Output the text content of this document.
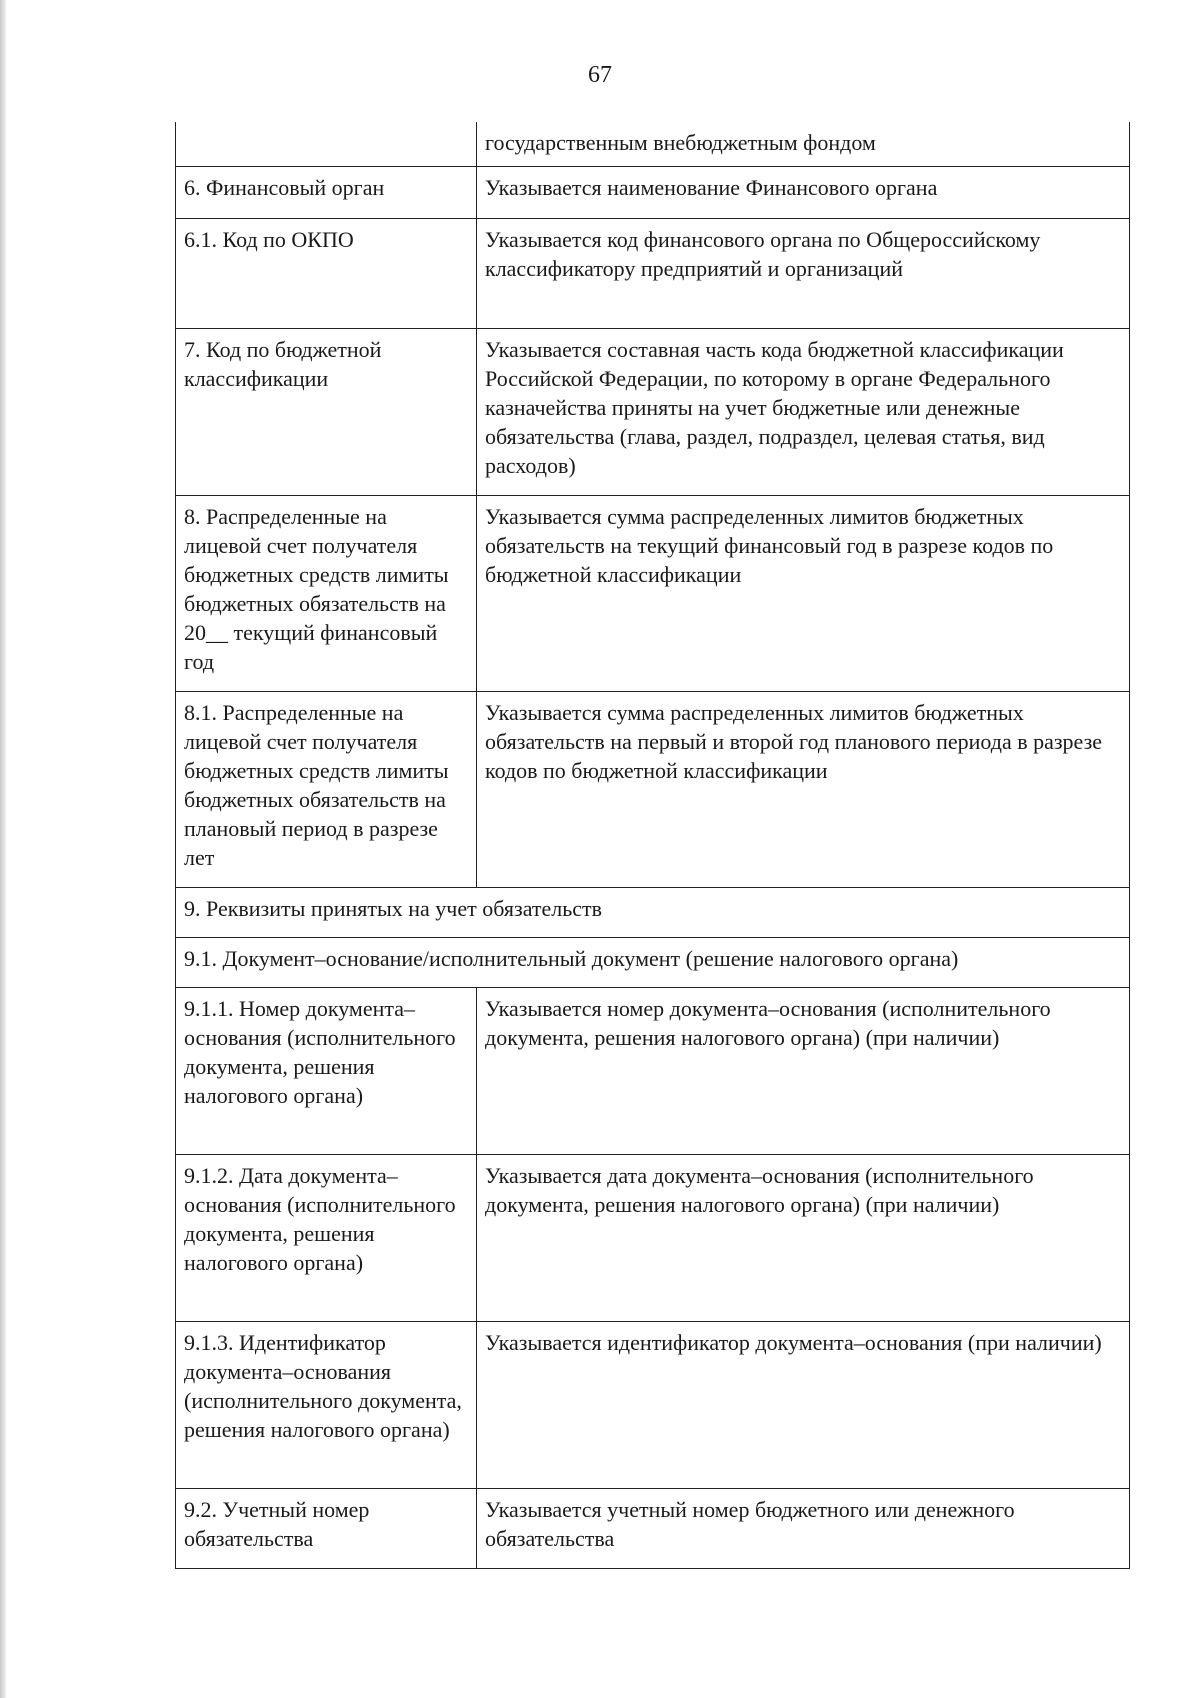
67
	государственным внебюджетным фондом
6. Финансовый орган	Указывается наименование Финансового органа
6.1. Код по ОКПО	Указывается код финансового органа по Общероссийскому классификатору предприятий и организаций
7. Код по бюджетной классификации	Указывается составная часть кода бюджетной классификации Российской Федерации, по которому в органе Федерального казначейства приняты на учет бюджетные или денежные обязательства (глава, раздел, подраздел, целевая статья, вид расходов)
8. Распределенные на лицевой счет получателя бюджетных средств лимиты бюджетных обязательств на 20__ текущий финансовый год	Указывается сумма распределенных лимитов бюджетных обязательств на текущий финансовый год в разрезе кодов по бюджетной классификации
8.1. Распределенные на лицевой счет получателя бюджетных средств лимиты бюджетных обязательств на плановый период в разрезе лет	Указывается сумма распределенных лимитов бюджетных обязательств на первый и второй год планового периода в разрезе кодов по бюджетной классификации
9. Реквизиты принятых на учет обязательств	
9.1. Документ–основание/исполнительный документ (решение налогового органа)	
9.1.1. Номер документа–основания (исполнительного документа, решения налогового органа)	Указывается номер документа–основания (исполнительного документа, решения налогового органа) (при наличии)
9.1.2. Дата документа–основания (исполнительного документа, решения налогового органа)	Указывается дата документа–основания (исполнительного документа, решения налогового органа) (при наличии)
9.1.3. Идентификатор документа–основания (исполнительного документа, решения налогового органа)	Указывается идентификатор документа–основания (при наличии)
9.2. Учетный номер обязательства	Указывается учетный номер бюджетного или денежного обязательства
